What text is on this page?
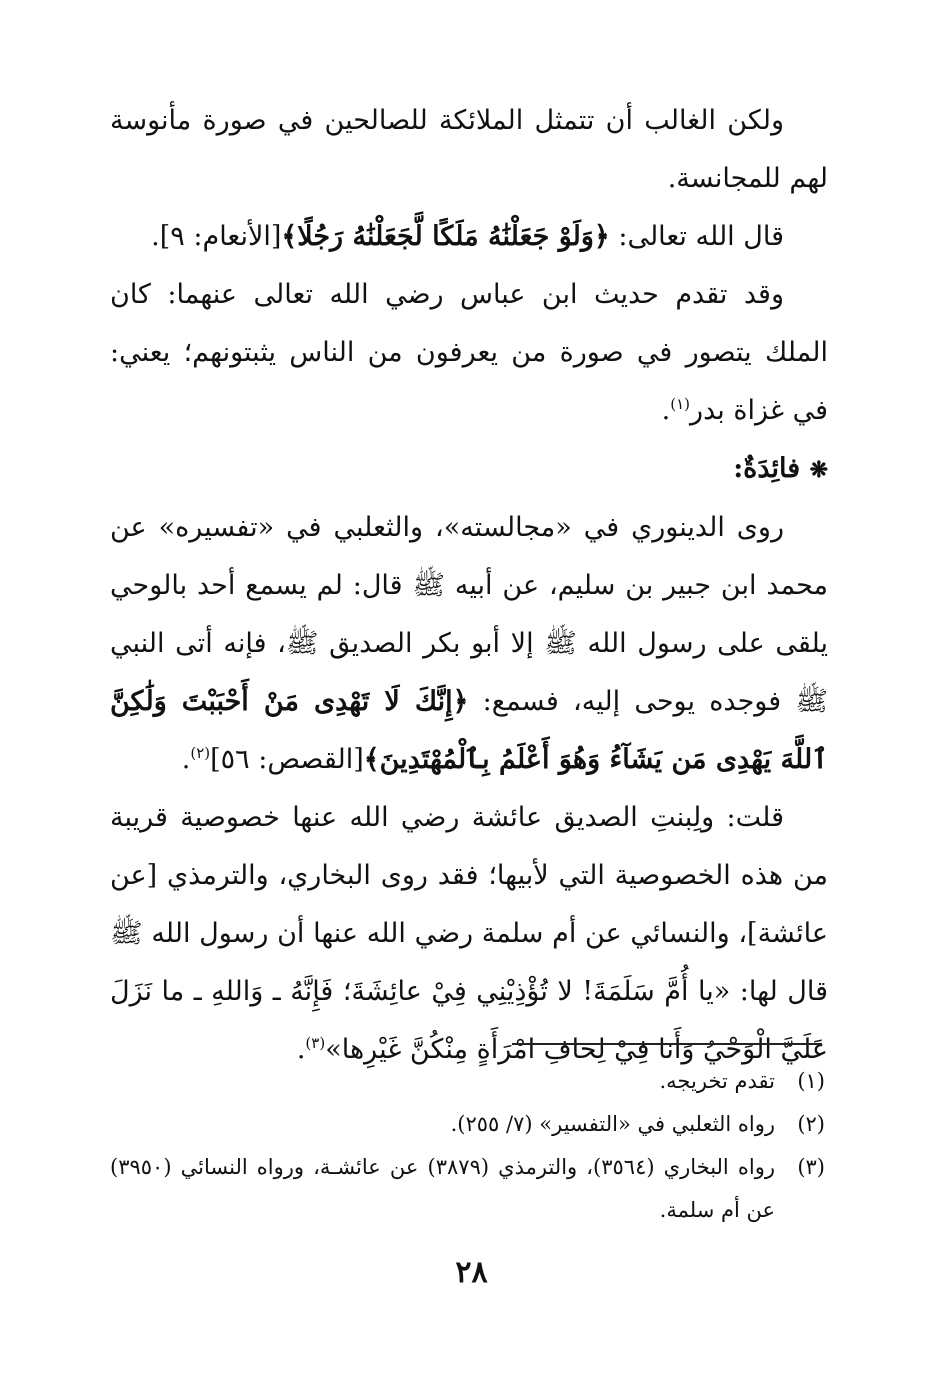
ولكن الغالب أن تتمثل الملائكة للصالحين في صورة مأنوسة لهم للمجانسة.

قال الله تعالى: ﴿وَلَوْ جَعَلْنَٰهُ مَلَكًا لَّجَعَلْنَٰهُ رَجُلًا﴾[الأنعام: ٩].

وقد تقدم حديث ابن عباس رضي الله تعالى عنهما: كان الملك يتصور في صورة من يعرفون من الناس يثبتونهم؛ يعني: في غزاة بدر$^{(١)}$.

❋ فائِدَةٌ:

روى الدينوري في «مجالسته»، والثعلبي في «تفسيره» عن محمد ابن جبير بن سليم، عن أبيه ﷺ قال: لم يسمع أحد بالوحي يلقى على رسول الله ﷺ إلا أبو بكر الصديق ﷺ، فإنه أتى النبي ﷺ فوجده يوحى إليه، فسمع: ﴿إِنَّكَ لَا تَهْدِى مَنْ أَحْبَبْتَ وَلَٰكِنَّ ٱللَّهَ يَهْدِى مَن يَشَآءُ وَهُوَ أَعْلَمُ بِٱلْمُهْتَدِينَ﴾[القصص: ٥٦]$^{(٢)}$.

قلت: ولِبنتِ الصديق عائشة رضي الله عنها خصوصية قريبة من هذه الخصوصية التي لأبيها؛ فقد روى البخاري، والترمذي [عن عائشة]، والنسائي عن أم سلمة رضي الله عنها أن رسول الله ﷺ قال لها: «يا أُمَّ سَلَمَةَ! لا تُؤْذِيْنِي فِيْ عائِشَةَ؛ فَإِنَّهُ ـ وَاللهِ ـ ما نَزَلَ عَلَيَّ الْوَحْيُ وَأَنا فِيْ لِحافِ امْرَأَةٍ مِنْكُنَّ غَيْرِها»$^{(٣)}$.

(١)
تقدم تخريجه.
(٢)
رواه الثعلبي في «التفسير» (٧/ ٢٥٥).
(٣)
رواه البخاري (٣٥٦٤)، والترمذي (٣٨٧٩) عن عائشـة، ورواه النسائي (٣٩٥٠) عن أم سلمة.
٢٨
